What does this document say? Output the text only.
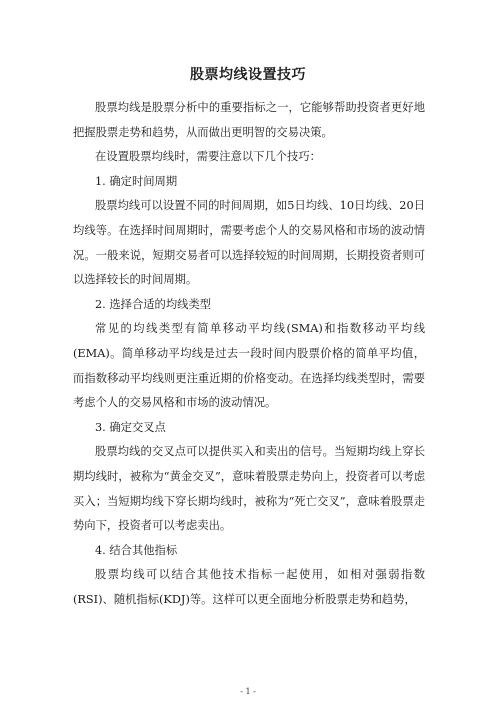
股票均线设置技巧

股票均线是股票分析中的重要指标之一，它能够帮助投资者更好地把握股票走势和趋势，从而做出更明智的交易决策。

在设置股票均线时，需要注意以下几个技巧：

1. 确定时间周期

股票均线可以设置不同的时间周期，如5日均线、10日均线、20日均线等。在选择时间周期时，需要考虑个人的交易风格和市场的波动情况。一般来说，短期交易者可以选择较短的时间周期，长期投资者则可以选择较长的时间周期。

2. 选择合适的均线类型

常见的均线类型有简单移动平均线(SMA)和指数移动平均线(EMA)。简单移动平均线是过去一段时间内股票价格的简单平均值，而指数移动平均线则更注重近期的价格变动。在选择均线类型时，需要考虑个人的交易风格和市场的波动情况。

3. 确定交叉点

股票均线的交叉点可以提供买入和卖出的信号。当短期均线上穿长期均线时，被称为“黄金交叉”，意味着股票走势向上，投资者可以考虑买入；当短期均线下穿长期均线时，被称为“死亡交叉”，意味着股票走势向下，投资者可以考虑卖出。

4. 结合其他指标

股票均线可以结合其他技术指标一起使用，如相对强弱指数(RSI)、随机指标(KDJ)等。这样可以更全面地分析股票走势和趋势，

- 1 -
